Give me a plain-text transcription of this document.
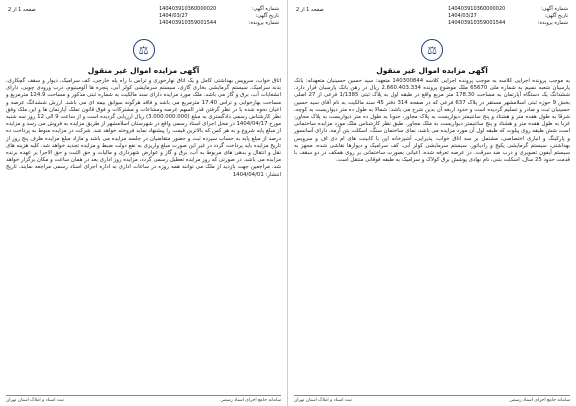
شماره آگهی:
140403910360000020
تاریخ آگهی:
1404/03/27
شماره پرونده:
140403910359001544
صفحه 1 از 2
⚖
آگهی مزایده اموال غیر منقول
اتاق خواب، سرویس بهداشتی کامل و یک اتاق نهارخوری و تراس با راه پله خارجی، کف سرامیک، دیوار و سقف گچکاری، بدنه سرامیک، سیستم گرمایشی بخاری گازی، سیستم سرمایشی کولر آبی، پنجره ها آلومینیوم، درب ورودی چوبی، دارای انشعابات آب، برق و گاز می باشد. ملک مورد مزایده دارای سند مالکیت به شماره ثبتی مذکور و مساحت 124.9 مترمربع و مساحت بهارخوابی و تراس 17.40 مترمربع می باشد و فاقد هرگونه سوابق بیمه ای می باشد. ارزش ششدانگ عرصه و اعیان نحوه شده با در نظر گرفتن قدر السهم عرصه ومشاعات و مشترکات و فوق قانون تملک آپارتمان ها و این ملک وفق نظر کارشناس رسمی دادگستری به مبلغ (3.000.000.000) ریال ارزیابی گردیده است و از ساعت 9 الی 12 روز سه شنبه مورخ 1404/04/17 در محل اجرای اسناد رسمی واقع در شهرستان اسلامشهر از طریق مزایده به فروش می رسد و مزایده از مبلغ پایه شروع و به هر کس که بالاترین قیمت را پیشنهاد نماید فروخته خواهد شد. شرکت در مزایده منوط به پرداخت ده درصد از مبلغ پایه به حساب سپرده ثبت و حضور متقاضیان در جلسه مزایده می باشد و مازاد مبلغ مزایده ظرف پنج روز از تاریخ مزایده باید پرداخت گردد در غیر این صورت مبلغ واریزی به نفع دولت ضبط و مزایده تجدید خواهد شد. کلیه هزینه های نقل و انتقال و بدهی های مربوط به آب، برق و گاز و عوارض شهرداری و مالیات و حق الثبت و حق الاجرا بر عهده برنده مزایده می باشد. در صورتی که روز مزایده تعطیل رسمی گردد، مزایده روز اداری بعد در همان ساعت و مکان برگزار خواهد شد. مراجعین جهت بازدید از ملک می توانند همه روزه در ساعات اداری به اداره اجرای اسناد رسمی مراجعه نمایند. تاریخ انتشار: 1404/04/01
سامانه جامع اجرای اسناد رسمی
ثبت اسناد و املاک استان تهران
شماره آگهی:
140403910360000020
تاریخ آگهی:
1404/03/27
شماره پرونده:
140403910359001544
صفحه 1 از 2
⚖
آگهی مزایده اموال غیر منقول
به موجب پرونده اجرایی کلاسه به موجب پرونده اجرایی کلاسه 140300844 متعهد: سید حسین حسینیان متعهدله: بانک پارسیان شعبه نسیم به شماره ملی 65670 ملک موضوع پرونده 2.660.403.334 ریال در رهن بانک پارسیان قرار دارد. ششدانگ یک دستگاه آپارتمان به مساحت 178.30 متر مربع واقع در طبقه اول به پلاک ثبتی 1/1385 فرعی از 27 اصلی بخش 9 حوزه ثبتی اسلامشهر مستقر در پلاک 637 فرعی که در صفحه 314 دفتر 45 سند مالکیت به نام آقای سید حسین حسینیان ثبت و صادر و تسلیم گردیده است و حدود اربعه آن بدین شرح می باشد: شمالا به طول ده متر دیواریست به کوچه، شرقا به طول هفده متر و هشتاد و پنج سانتیمتر دیواریست به پلاک مجاور، جنوبا به طول ده متر دیواریست به پلاک مجاور، غربا به طول هفده متر و هشتاد و پنج سانتیمتر دیواریست به ملک مجاور. طبق نظر کارشناس ملک مورد مزایده ساختمانی است شش طبقه روی پیلوت که طبقه اول آن مورد مزایده می باشد، نمای ساختمان سنگ، اسکلت بتن آرمه، دارای آسانسور و پارکینگ و انباری اختصاصی، مشتمل بر سه اتاق خواب، پذیرایی، آشپزخانه اپن با کابینت های ام دی اف و سرویس بهداشتی، سیستم گرمایشی پکیج و رادیاتور، سیستم سرمایشی کولر آبی، کف سرامیک و دیوارها نقاشی شده، مجهز به سیستم آیفون تصویری و درب ضد سرقت. در عرصه تعرفه شده، اعیانی بصورت ساختمانی بر روی همکف در دو سقف با قدمت حدود 25 سال، اسکلت بتنی، نام نهادی پوشش برق کولاک و سرامیک به طبقه فوقانی منتقل است.
سامانه جامع اجرای اسناد رسمی
ثبت اسناد و املاک استان تهران
